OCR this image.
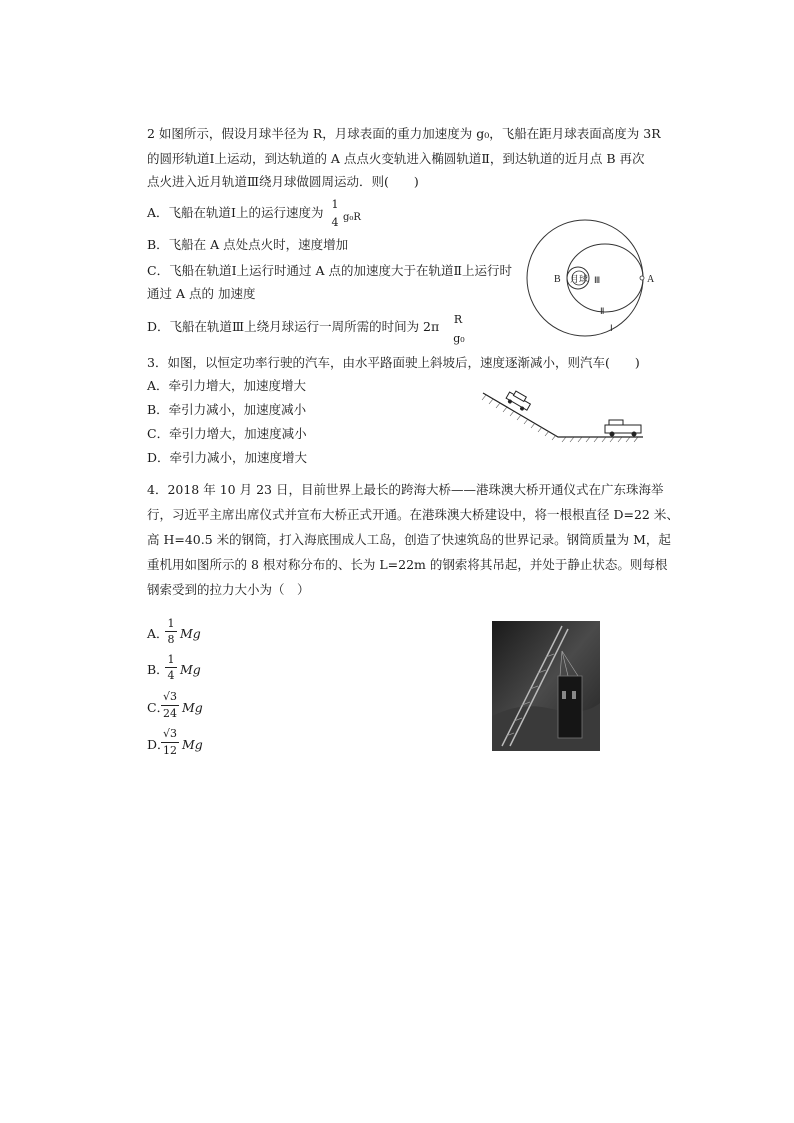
2 如图所示，假设月球半径为 R，月球表面的重力加速度为 g₀，飞船在距月球表面高度为 3R
的圆形轨道Ⅰ上运动，到达轨道的 A 点点火变轨进入椭圆轨道Ⅱ，到达轨道的近月点 B 再次
点火进入近月轨道Ⅲ绕月球做圆周运动．则(　　)
A．飞船在轨道Ⅰ上的运行速度为
1
4 g₀R
B．飞船在 A 点处点火时，速度增加
C．飞船在轨道Ⅰ上运行时通过 A 点的加速度大于在轨道Ⅱ上运行时
通过 A 点的 加速度
D．飞船在轨道Ⅲ上绕月球运行一周所需的时间为 2π R
g₀
B 月球 Ⅲ	A
Ⅱ
Ⅰ
3．如图，以恒定功率行驶的汽车，由水平路面驶上斜坡后，速度逐渐减小，则汽车(　　)
A．牵引力增大，加速度增大
B．牵引力减小，加速度减小
C．牵引力增大，加速度减小
D．牵引力减小，加速度增大
4．2018 年 10 月 23 日，目前世界上最长的跨海大桥——港珠澳大桥开通仪式在广东珠海举
行，习近平主席出席仪式并宣布大桥正式开通。在港珠澳大桥建设中，将一根根直径 D=22 米、
高 H=40.5 米的钢筒，打入海底围成人工岛，创造了快速筑岛的世界记录。钢筒质量为 M，起
重机用如图所示的 8 根对称分布的、长为 L=22m 的钢索将其吊起，并处于静止状态。则每根
钢索受到的拉力大小为（　）
A．
1
8 Mg
B．
1
4 Mg
C．
√3
24 Mg
D．
√3
12 Mg
